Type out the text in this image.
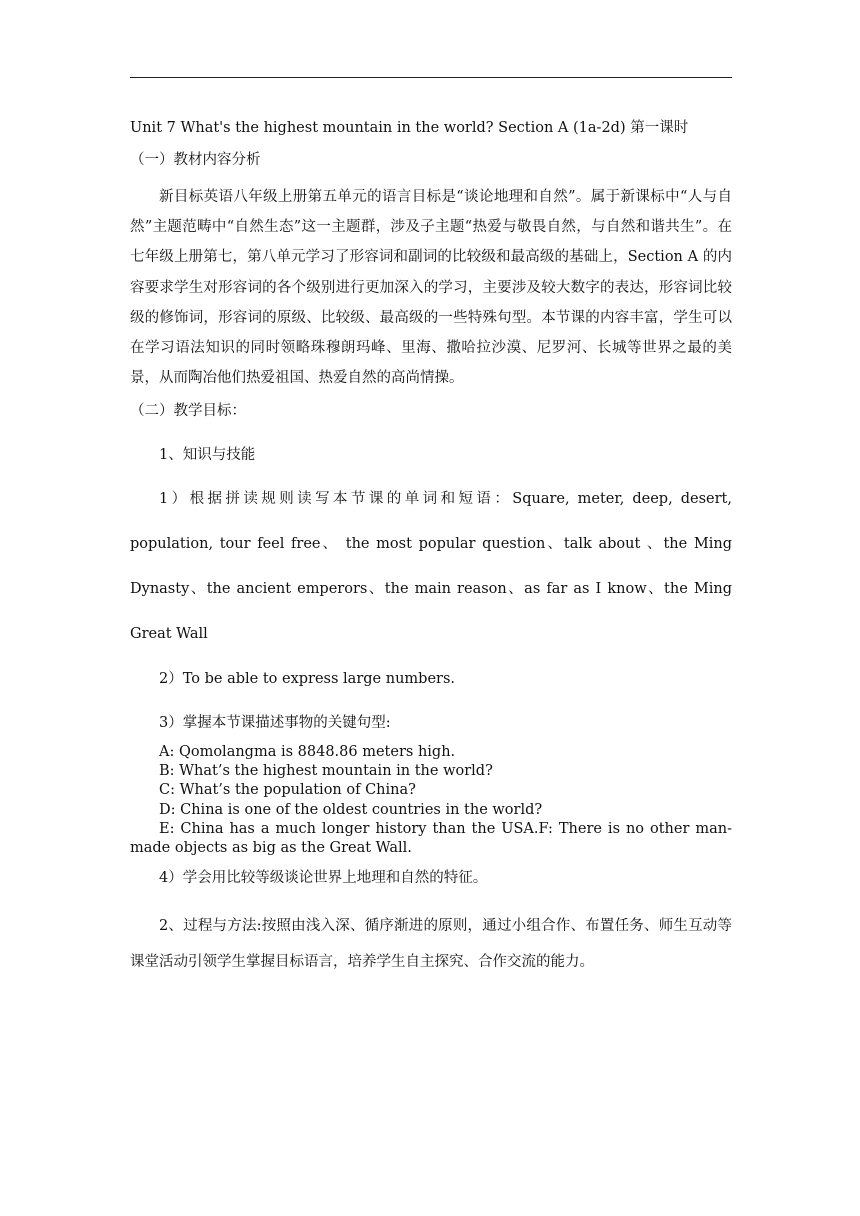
Unit 7 What's the highest mountain in the world? Section A (1a-2d) 第一课时
（一）教材内容分析

新目标英语八年级上册第五单元的语言目标是“谈论地理和自然”。属于新课标中“人与自然”主题范畴中“自然生态”这一主题群，涉及子主题“热爱与敬畏自然，与自然和谐共生”。在七年级上册第七，第八单元学习了形容词和副词的比较级和最高级的基础上，Section A 的内容要求学生对形容词的各个级别进行更加深入的学习，主要涉及较大数字的表达，形容词比较级的修饰词，形容词的原级、比较级、最高级的一些特殊句型。本节课的内容丰富，学生可以在学习语法知识的同时领略珠穆朗玛峰、里海、撒哈拉沙漠、尼罗河、长城等世界之最的美景，从而陶冶他们热爱祖国、热爱自然的高尚情操。

（二）教学目标：
1、知识与技能

1）根据拼读规则读写本节课的单词和短语：Square, meter, deep, desert, population, tour feel free、 the most popular question、talk about 、the Ming Dynasty、the ancient emperors、the main reason、as far as I know、the Ming Great Wall

2）To be able to express large numbers.
3）掌握本节课描述事物的关键句型:

A: Qomolangma is 8848.86 meters high.

B: What’s the highest mountain in the world?

C: What’s the population of China?

D: China is one of the oldest countries in the world?

E: China has a much longer history than the USA.F: There is no other man-made objects as big as the Great Wall.

4）学会用比较等级谈论世界上地理和自然的特征。

2、过程与方法:按照由浅入深、循序渐进的原则，通过小组合作、布置任务、师生互动等课堂活动引领学生掌握目标语言，培养学生自主探究、合作交流的能力。
